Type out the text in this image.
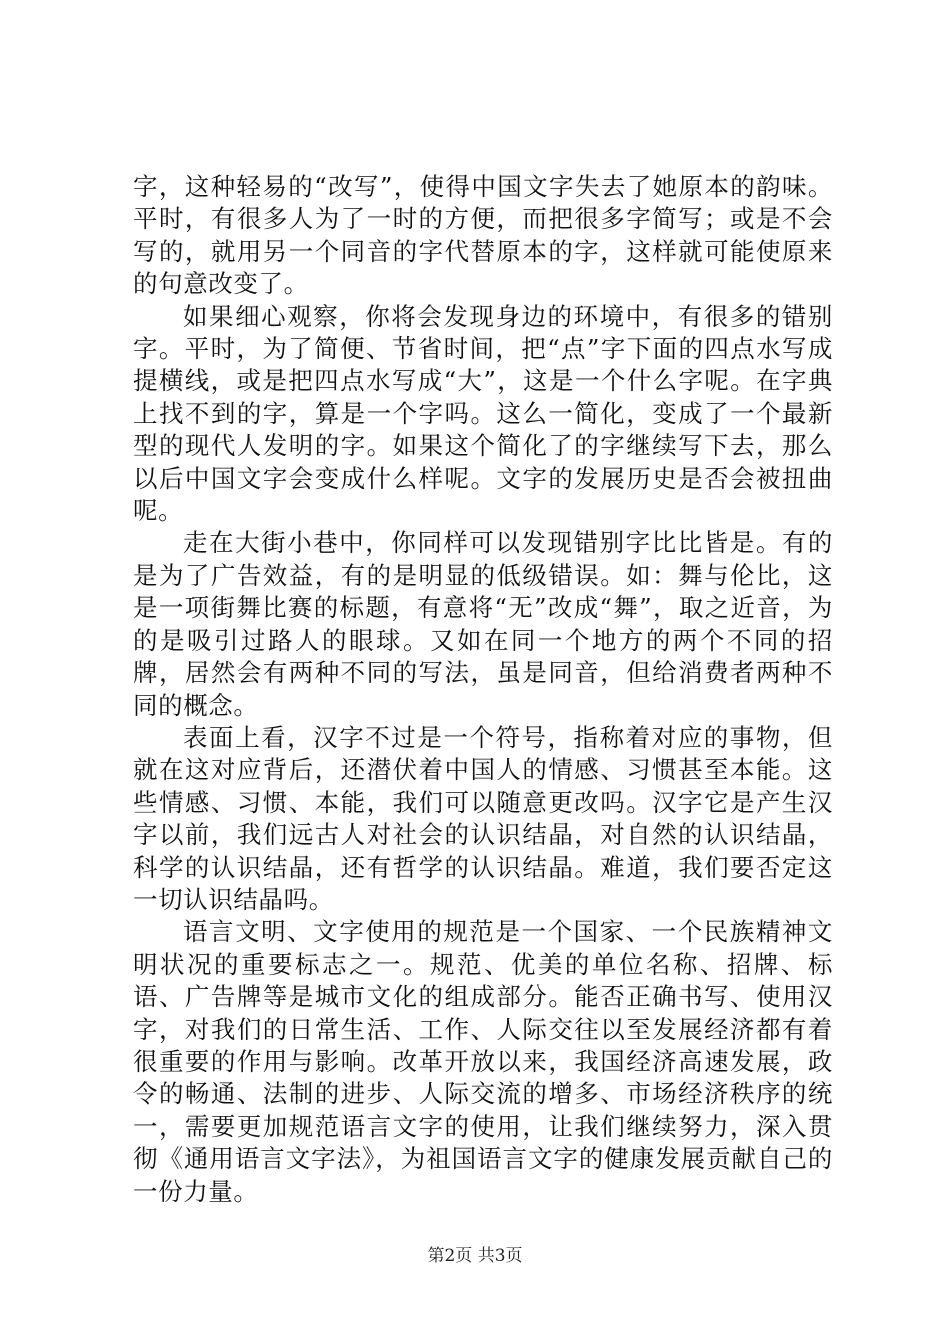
字，这种轻易的“改写”，使得中国文字失去了她原本的韵味。平时，有很多人为了一时的方便，而把很多字简写；或是不会写的，就用另一个同音的字代替原本的字，这样就可能使原来的句意改变了。

如果细心观察，你将会发现身边的环境中，有很多的错别字。平时，为了简便、节省时间，把“点”字下面的四点水写成提横线，或是把四点水写成“大”，这是一个什么字呢。在字典上找不到的字，算是一个字吗。这么一简化，变成了一个最新型的现代人发明的字。如果这个简化了的字继续写下去，那么以后中国文字会变成什么样呢。文字的发展历史是否会被扭曲呢。

走在大街小巷中，你同样可以发现错别字比比皆是。有的是为了广告效益，有的是明显的低级错误。如：舞与伦比，这是一项街舞比赛的标题，有意将“无”改成“舞”，取之近音，为的是吸引过路人的眼球。又如在同一个地方的两个不同的招牌，居然会有两种不同的写法，虽是同音，但给消费者两种不同的概念。

表面上看，汉字不过是一个符号，指称着对应的事物，但就在这对应背后，还潜伏着中国人的情感、习惯甚至本能。这些情感、习惯、本能，我们可以随意更改吗。汉字它是产生汉字以前，我们远古人对社会的认识结晶，对自然的认识结晶，科学的认识结晶，还有哲学的认识结晶。难道，我们要否定这一切认识结晶吗。

语言文明、文字使用的规范是一个国家、一个民族精神文明状况的重要标志之一。规范、优美的单位名称、招牌、标语、广告牌等是城市文化的组成部分。能否正确书写、使用汉字，对我们的日常生活、工作、人际交往以至发展经济都有着很重要的作用与影响。改革开放以来，我国经济高速发展，政令的畅通、法制的进步、人际交流的增多、市场经济秩序的统一，需要更加规范语言文字的使用，让我们继续努力，深入贯彻《通用语言文字法》，为祖国语言文字的健康发展贡献自己的一份力量。

第2页 共3页
